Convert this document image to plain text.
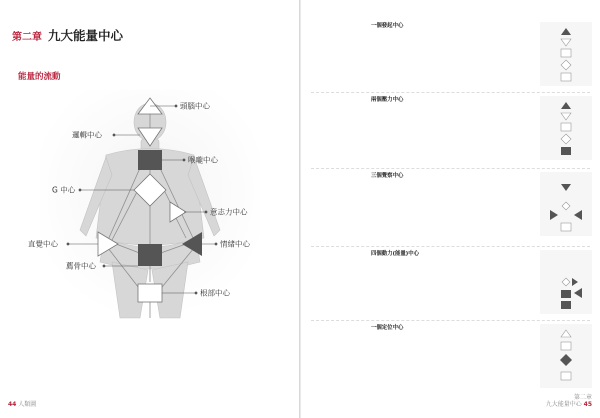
第二章 九大能量中心
能量的流動
頭腦中心
邏輯中心
喉嚨中心
G 中心
意志力中心
直覺中心	情緒中心
薦骨中心
根部中心

44 人類圖

一個發起中心

兩個壓力中心

三個覺察中心

四個動力(能量)中心

一個定位中心

第二章
九大能量中心 45
